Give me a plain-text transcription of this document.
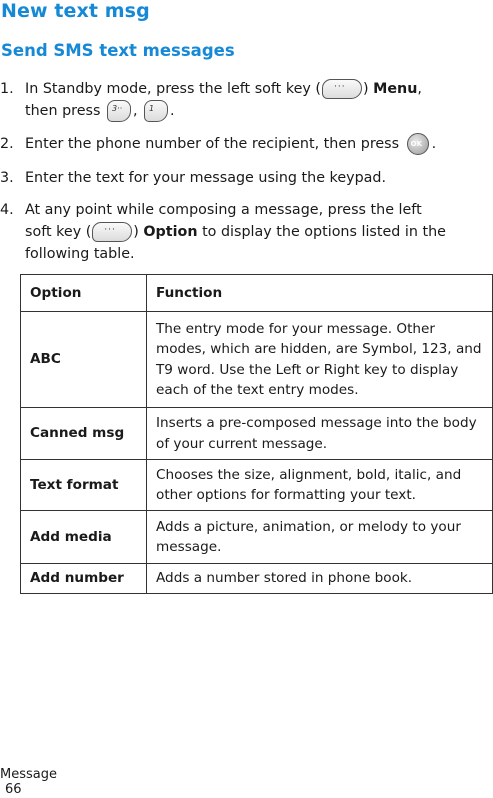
New text msg
Send SMS text messages
1. In Standby mode, press the left soft key ( ··· ) Menu,
then press 3·· , 1 .
2. Enter the phone number of the recipient, then press OK .
3. Enter the text for your message using the keypad.
4. At any point while composing a message, press the left
soft key ( ··· ) Option to display the options listed in the
following table.
Option	Function
ABC	The entry mode for your message. Other modes, which are hidden, are Symbol, 123, and T9 word. Use the Left or Right key to display each of the text entry modes.
Canned msg	Inserts a pre-composed message into the body of your current message.
Text format	Chooses the size, alignment, bold, italic, and other options for formatting your text.
Add media	Adds a picture, animation, or melody to your message.
Add number	Adds a number stored in phone book.
Message
66
